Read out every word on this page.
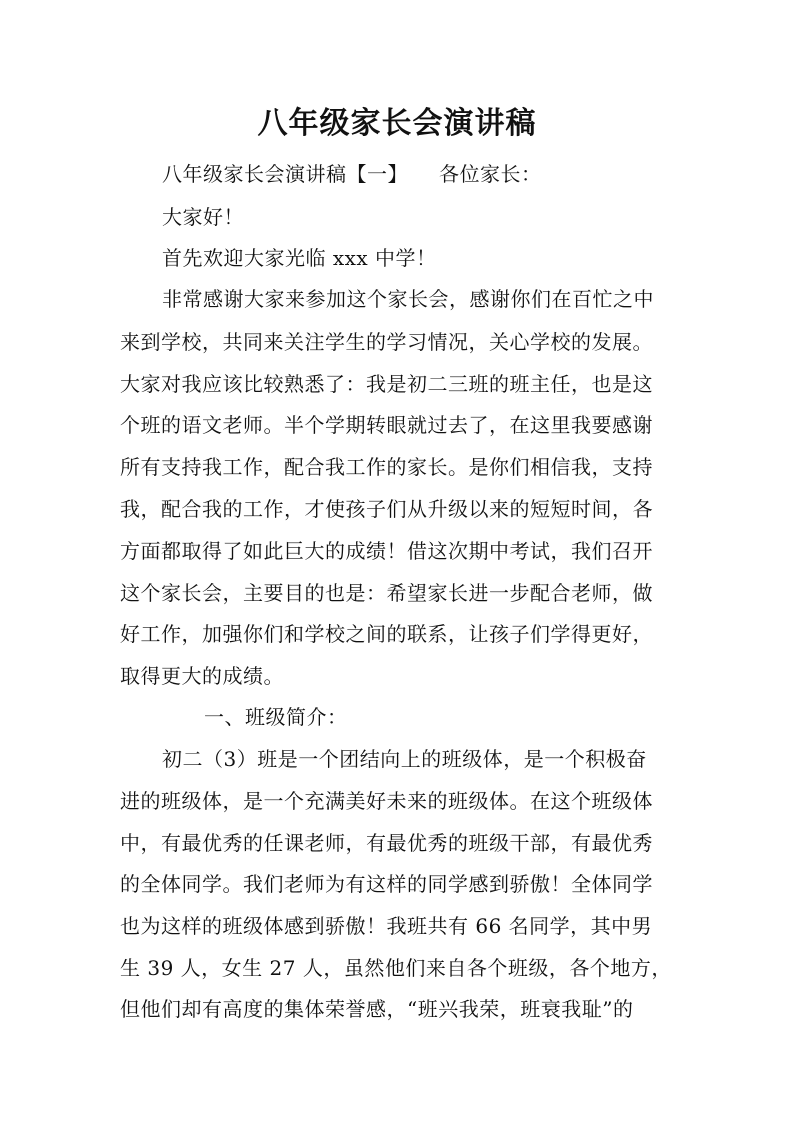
八年级家长会演讲稿

八年级家长会演讲稿【一】　　各位家长：

大家好！

首先欢迎大家光临 xxx 中学！

非常感谢大家来参加这个家长会，感谢你们在百忙之中

来到学校，共同来关注学生的学习情况，关心学校的发展。

大家对我应该比较熟悉了：我是初二三班的班主任，也是这

个班的语文老师。半个学期转眼就过去了，在这里我要感谢

所有支持我工作，配合我工作的家长。是你们相信我，支持

我，配合我的工作，才使孩子们从升级以来的短短时间，各

方面都取得了如此巨大的成绩！借这次期中考试，我们召开

这个家长会，主要目的也是：希望家长进一步配合老师，做

好工作，加强你们和学校之间的联系，让孩子们学得更好，

取得更大的成绩。

一、班级简介：

初二（3）班是一个团结向上的班级体，是一个积极奋

进的班级体，是一个充满美好未来的班级体。在这个班级体

中，有最优秀的任课老师，有最优秀的班级干部，有最优秀

的全体同学。我们老师为有这样的同学感到骄傲！全体同学

也为这样的班级体感到骄傲！我班共有 66 名同学，其中男

生 39 人，女生 27 人，虽然他们来自各个班级，各个地方，

但他们却有高度的集体荣誉感，“班兴我荣，班衰我耻”的
